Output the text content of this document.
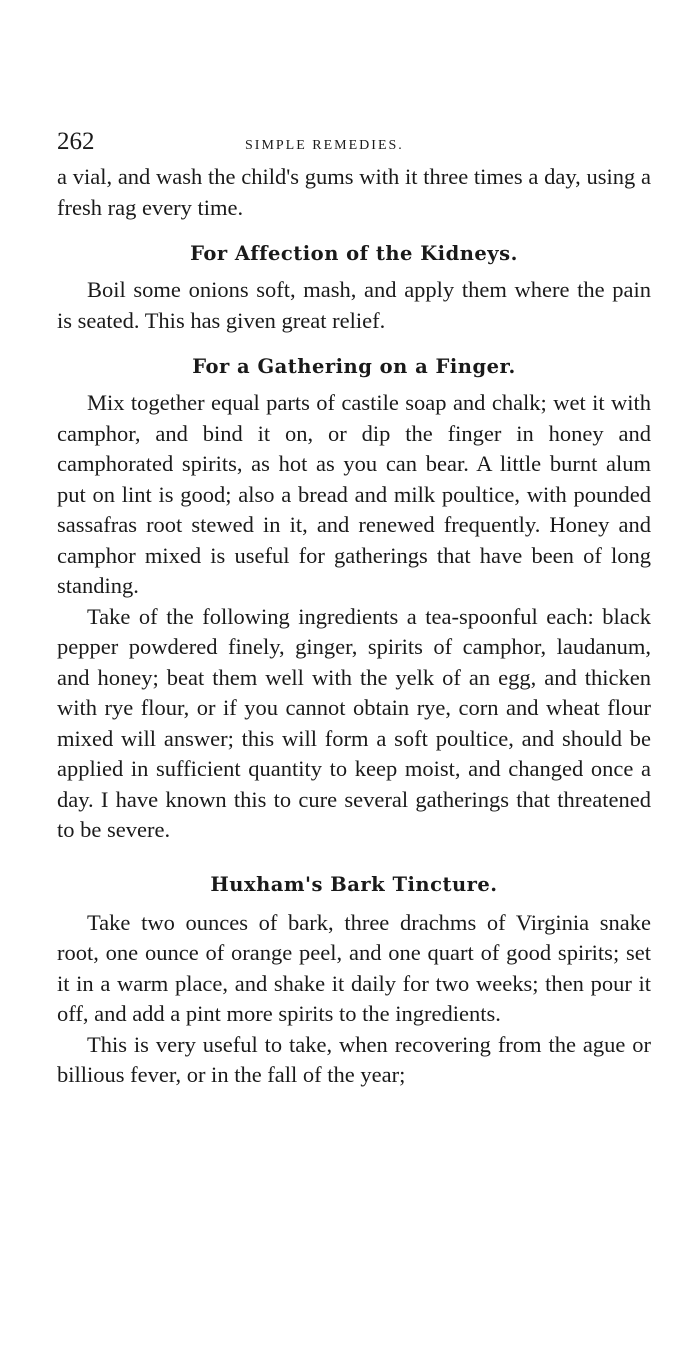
262	SIMPLE REMEDIES.

a vial, and wash the child's gums with it three times a day, using a fresh rag every time.

For Affection of the Kidneys.

Boil some onions soft, mash, and apply them where the pain is seated. This has given great relief.

For a Gathering on a Finger.

Mix together equal parts of castile soap and chalk; wet it with camphor, and bind it on, or dip the finger in honey and camphorated spirits, as hot as you can bear. A little burnt alum put on lint is good; also a bread and milk poultice, with pounded sassafras root stewed in it, and renewed frequently. Honey and camphor mixed is useful for gatherings that have been of long standing.

Take of the following ingredients a tea-spoonful each: black pepper powdered finely, ginger, spirits of camphor, laudanum, and honey; beat them well with the yelk of an egg, and thicken with rye flour, or if you cannot obtain rye, corn and wheat flour mixed will answer; this will form a soft poultice, and should be applied in sufficient quantity to keep moist, and changed once a day. I have known this to cure several gatherings that threatened to be severe.

Huxham's Bark Tincture.

Take two ounces of bark, three drachms of Virginia snake root, one ounce of orange peel, and one quart of good spirits; set it in a warm place, and shake it daily for two weeks; then pour it off, and add a pint more spirits to the ingredients.

This is very useful to take, when recovering from the ague or billious fever, or in the fall of the year;
